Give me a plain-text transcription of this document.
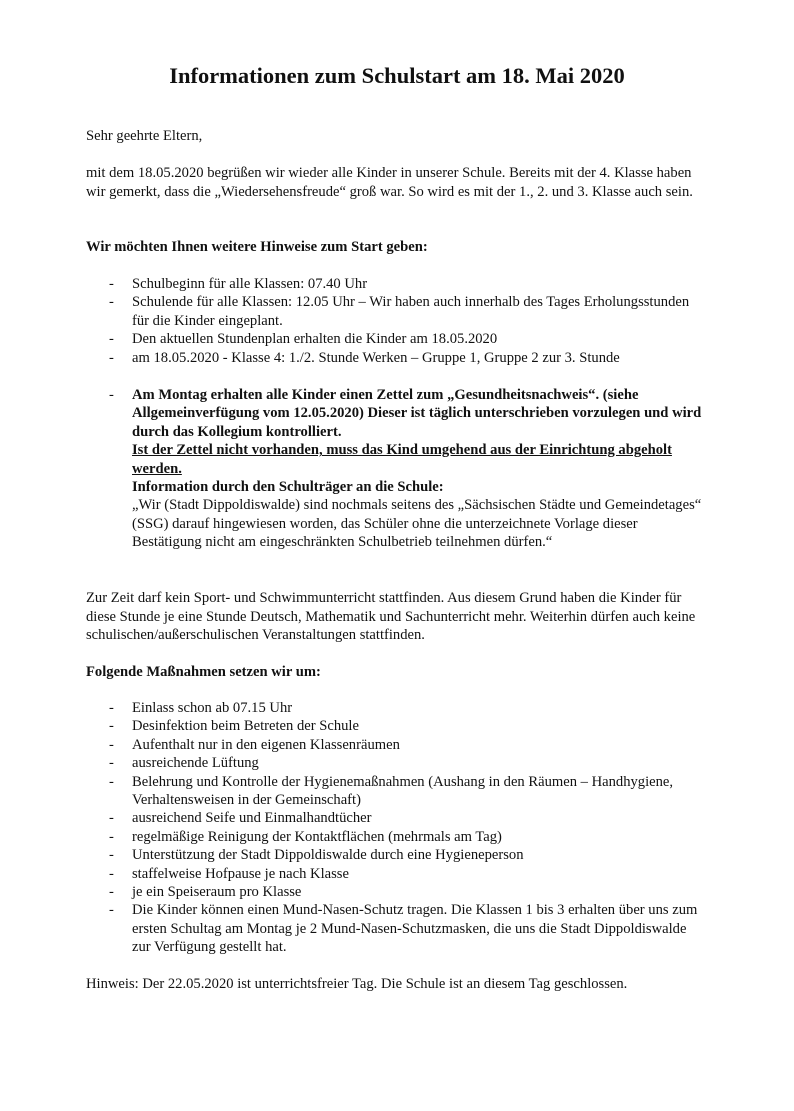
Informationen zum Schulstart am 18. Mai 2020

Sehr geehrte Eltern,

mit dem 18.05.2020 begrüßen wir wieder alle Kinder in unserer Schule. Bereits mit der 4. Klasse haben wir gemerkt, dass die „Wiedersehensfreude“ groß war. So wird es mit der 1., 2. und 3. Klasse auch sein.

Wir möchten Ihnen weitere Hinweise zum Start geben:

- Schulbeginn für alle Klassen: 07.40 Uhr
- Schulende für alle Klassen: 12.05 Uhr – Wir haben auch innerhalb des Tages Erholungsstunden für die Kinder eingeplant.
- Den aktuellen Stundenplan erhalten die Kinder am 18.05.2020
- am 18.05.2020 - Klasse 4: 1./2. Stunde Werken – Gruppe 1, Gruppe 2 zur 3. Stunde
- Am Montag erhalten alle Kinder einen Zettel zum „Gesundheitsnachweis“. (siehe Allgemeinverfügung vom 12.05.2020) Dieser ist täglich unterschrieben vorzulegen und wird durch das Kollegium kontrolliert.
Ist der Zettel nicht vorhanden, muss das Kind umgehend aus der Einrichtung abgeholt werden.
Information durch den Schulträger an die Schule:
„Wir (Stadt Dippoldiswalde) sind nochmals seitens des „Sächsischen Städte und Gemeindetages“ (SSG) darauf hingewiesen worden, das Schüler ohne die unterzeichnete Vorlage dieser Bestätigung nicht am eingeschränkten Schulbetrieb teilnehmen dürfen.“

Zur Zeit darf kein Sport- und Schwimmunterricht stattfinden. Aus diesem Grund haben die Kinder für diese Stunde je eine Stunde Deutsch, Mathematik und Sachunterricht mehr. Weiterhin dürfen auch keine schulischen/außerschulischen Veranstaltungen stattfinden.

Folgende Maßnahmen setzen wir um:

- Einlass schon ab 07.15 Uhr
- Desinfektion beim Betreten der Schule
- Aufenthalt nur in den eigenen Klassenräumen
- ausreichende Lüftung
- Belehrung und Kontrolle der Hygienemaßnahmen (Aushang in den Räumen – Handhygiene, Verhaltensweisen in der Gemeinschaft)
- ausreichend Seife und Einmalhandtücher
- regelmäßige Reinigung der Kontaktflächen (mehrmals am Tag)
- Unterstützung der Stadt Dippoldiswalde durch eine Hygieneperson
- staffelweise Hofpause je nach Klasse
- je ein Speiseraum pro Klasse
- Die Kinder können einen Mund-Nasen-Schutz tragen. Die Klassen 1 bis 3 erhalten über uns zum ersten Schultag am Montag je 2 Mund-Nasen-Schutzmasken, die uns die Stadt Dippoldiswalde zur Verfügung gestellt hat.

Hinweis: Der 22.05.2020 ist unterrichtsfreier Tag. Die Schule ist an diesem Tag geschlossen.
